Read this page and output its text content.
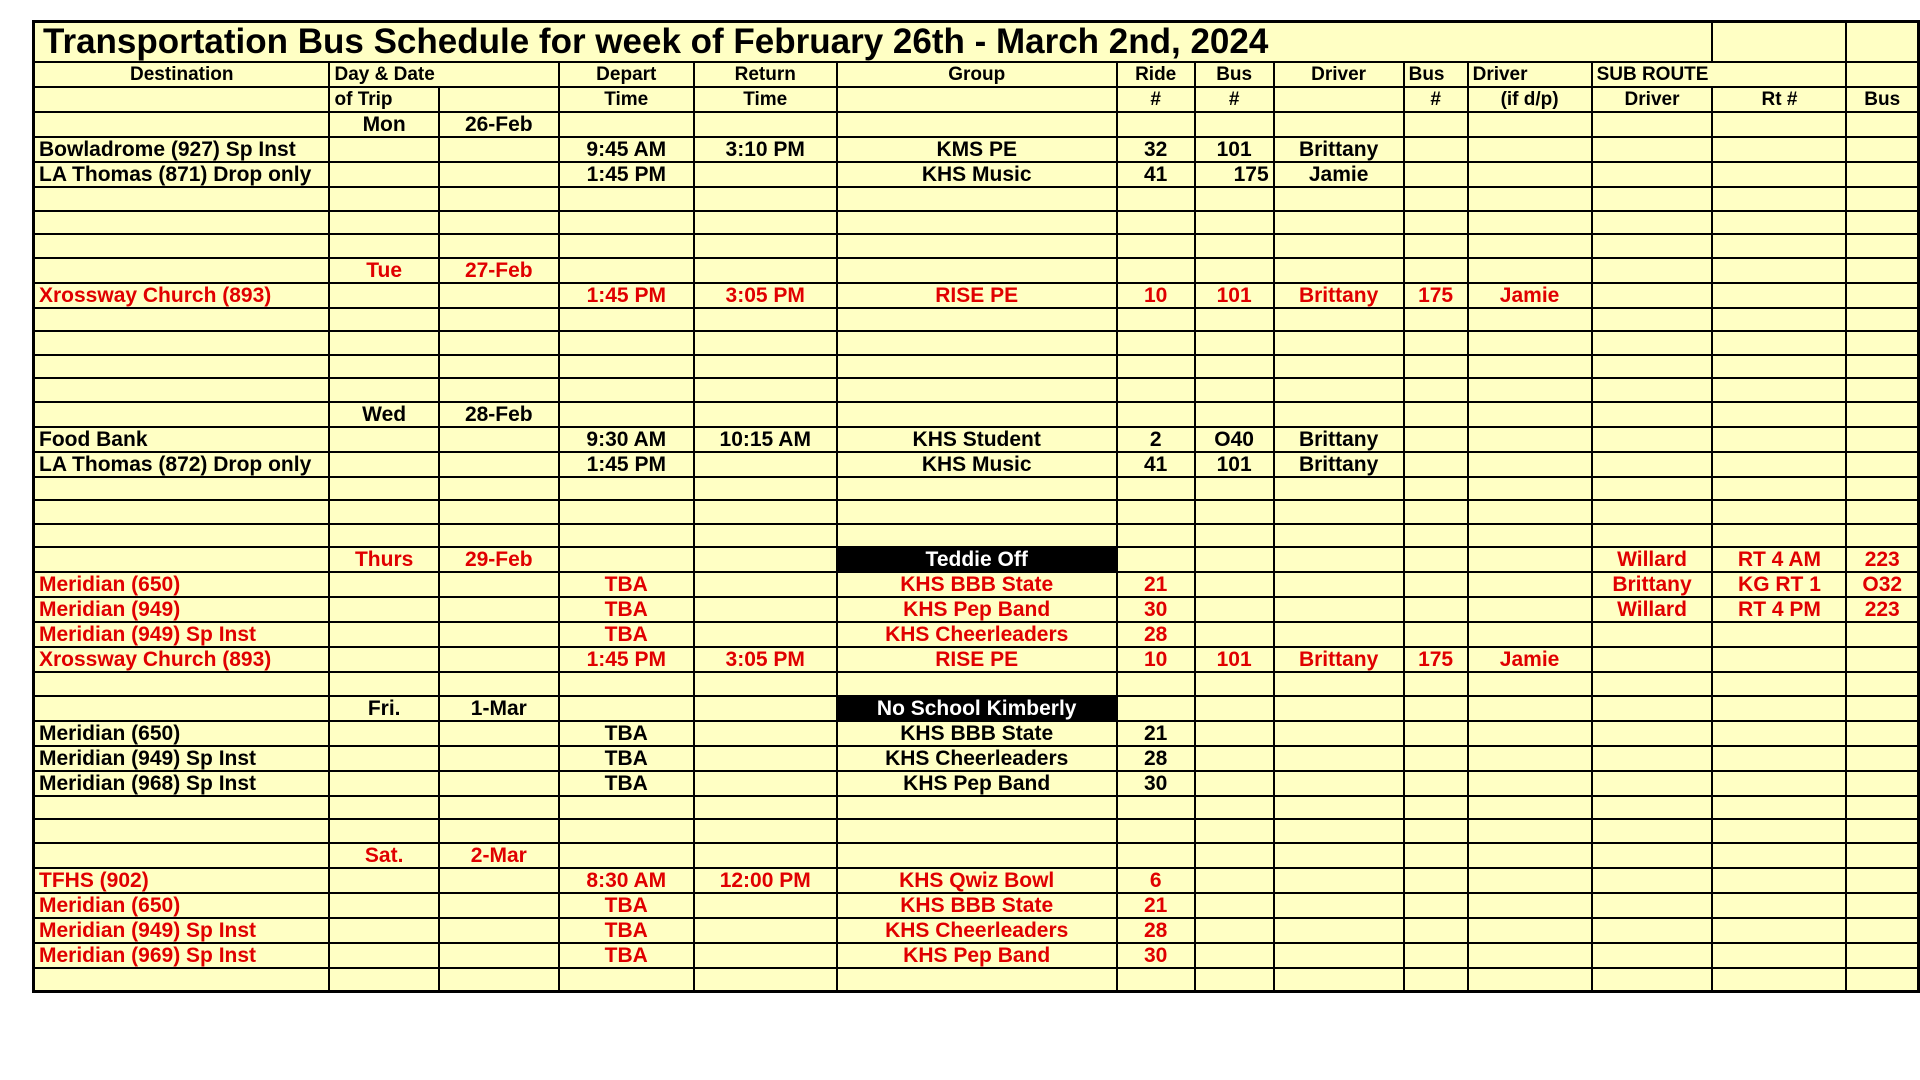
Transportation Bus Schedule for week of February 26th - March 2nd, 2024													
Destination	Day & Date		Depart	Return	Group	Ride	Bus	Driver	Bus	Driver	SUB ROUTE		
	of Trip		Time	Time		#	#		#	(if d/p)	Driver	Rt #	Bus
	Mon	26-Feb											
Bowladrome (927) Sp Inst			9:45 AM	3:10 PM	KMS PE	32	101	Brittany					
LA Thomas (871) Drop only			1:45 PM		KHS Music	41	175	Jamie					

	Tue	27-Feb											
Xrossway Church (893)			1:45 PM	3:05 PM	RISE PE	10	101	Brittany	175	Jamie			

	Wed	28-Feb											
Food Bank			9:30 AM	10:15 AM	KHS Student	2	O40	Brittany					
LA Thomas (872) Drop only			1:45 PM		KHS Music	41	101	Brittany					

	Thurs	29-Feb			Teddie Off						Willard	RT 4 AM	223
Meridian (650)			TBA		KHS BBB State	21					Brittany	KG RT 1	O32
Meridian (949)			TBA		KHS Pep Band	30					Willard	RT 4 PM	223
Meridian (949) Sp Inst			TBA		KHS Cheerleaders	28							
Xrossway Church (893)			1:45 PM	3:05 PM	RISE PE	10	101	Brittany	175	Jamie			

	Fri.	1-Mar			No School Kimberly								
Meridian (650)			TBA		KHS BBB State	21							
Meridian (949) Sp Inst			TBA		KHS Cheerleaders	28							
Meridian (968) Sp Inst			TBA		KHS Pep Band	30							

	Sat.	2-Mar											
TFHS (902)			8:30 AM	12:00 PM	KHS Qwiz Bowl	6							
Meridian (650)			TBA		KHS BBB State	21							
Meridian (949) Sp Inst			TBA		KHS Cheerleaders	28							
Meridian (969) Sp Inst			TBA		KHS Pep Band	30							
